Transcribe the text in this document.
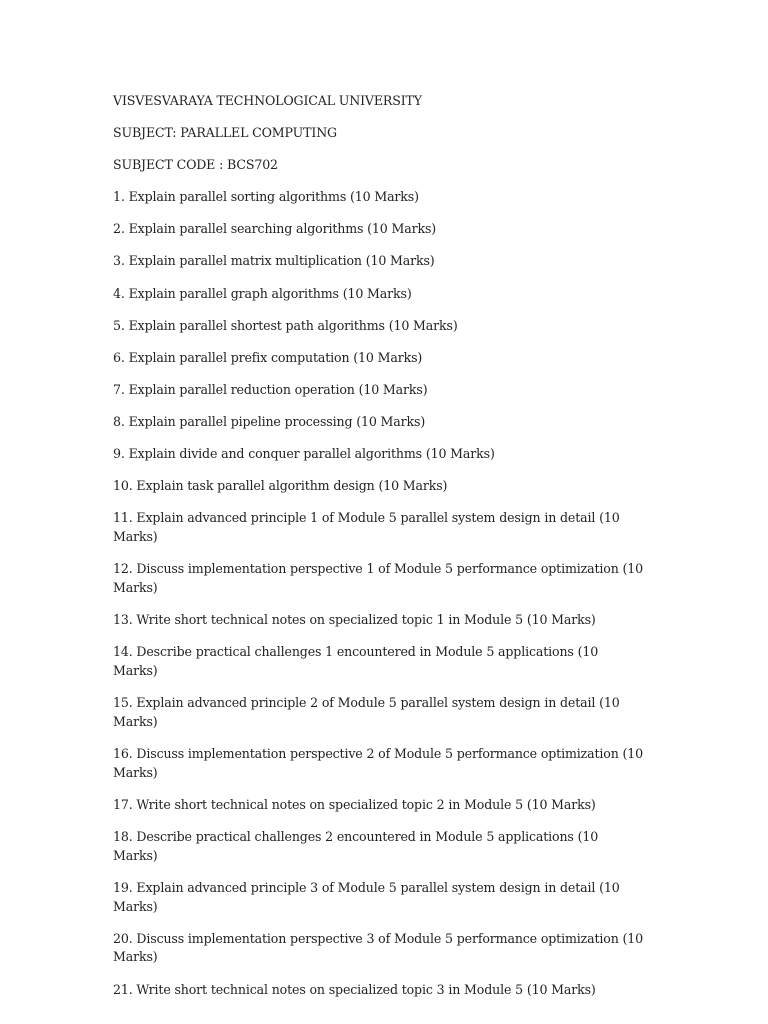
VISVESVARAYA TECHNOLOGICAL UNIVERSITY

SUBJECT: PARALLEL COMPUTING

SUBJECT CODE : BCS702

1. Explain parallel sorting algorithms (10 Marks)

2. Explain parallel searching algorithms (10 Marks)

3. Explain parallel matrix multiplication (10 Marks)

4. Explain parallel graph algorithms (10 Marks)

5. Explain parallel shortest path algorithms (10 Marks)

6. Explain parallel prefix computation (10 Marks)

7. Explain parallel reduction operation (10 Marks)

8. Explain parallel pipeline processing (10 Marks)

9. Explain divide and conquer parallel algorithms (10 Marks)

10. Explain task parallel algorithm design (10 Marks)

11. Explain advanced principle 1 of Module 5 parallel system design in detail (10 Marks)

12. Discuss implementation perspective 1 of Module 5 performance optimization (10 Marks)

13. Write short technical notes on specialized topic 1 in Module 5 (10 Marks)

14. Describe practical challenges 1 encountered in Module 5 applications (10 Marks)

15. Explain advanced principle 2 of Module 5 parallel system design in detail (10 Marks)

16. Discuss implementation perspective 2 of Module 5 performance optimization (10 Marks)

17. Write short technical notes on specialized topic 2 in Module 5 (10 Marks)

18. Describe practical challenges 2 encountered in Module 5 applications (10 Marks)

19. Explain advanced principle 3 of Module 5 parallel system design in detail (10 Marks)

20. Discuss implementation perspective 3 of Module 5 performance optimization (10 Marks)

21. Write short technical notes on specialized topic 3 in Module 5 (10 Marks)
